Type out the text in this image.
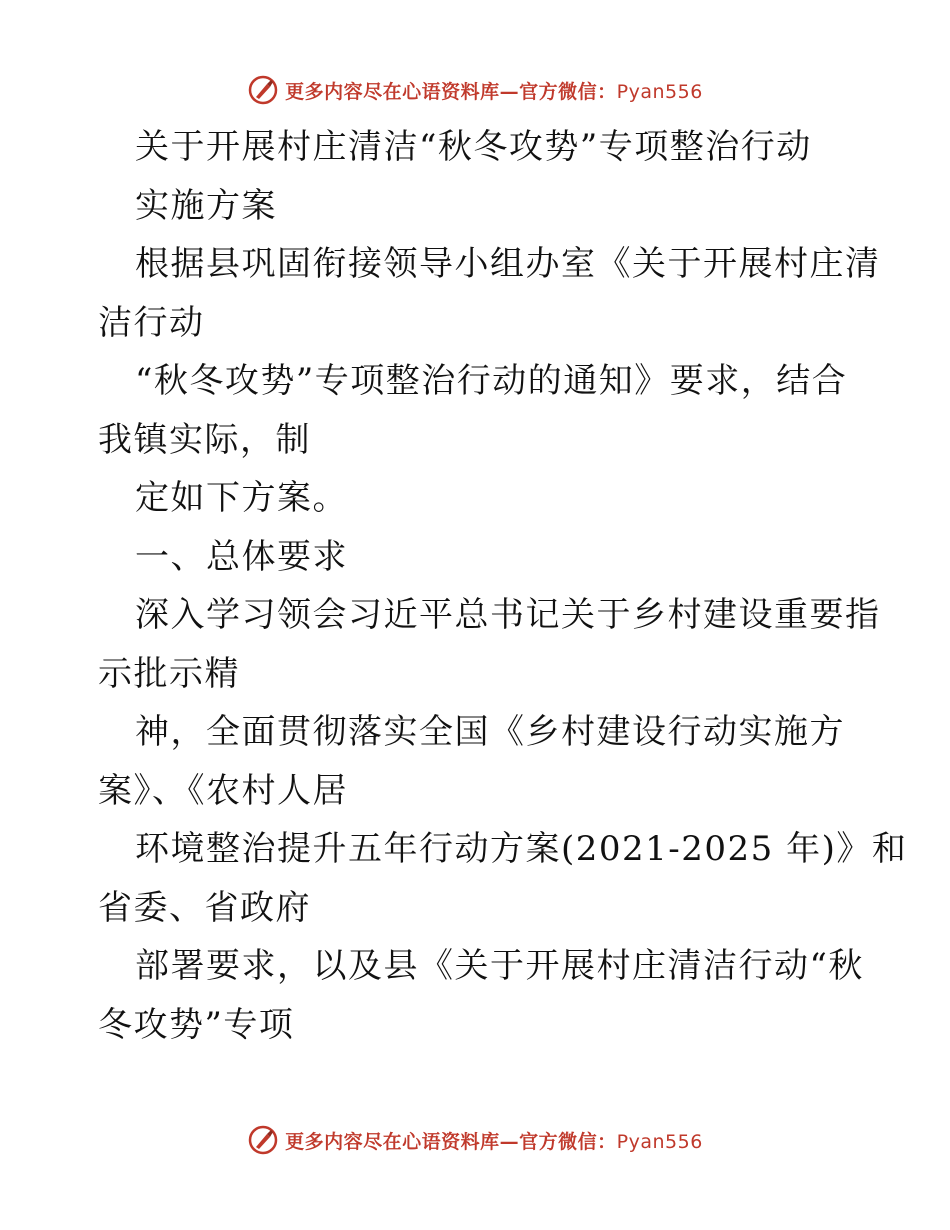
更多内容尽在心语资料库—官方微信：Pyan556
关于开展村庄清洁“秋冬攻势”专项整治行动
实施方案
根据县巩固衔接领导小组办室《关于开展村庄清
洁行动
“秋冬攻势”专项整治行动的通知》要求，结合
我镇实际，制
定如下方案。
一、总体要求
深入学习领会习近平总书记关于乡村建设重要指
示批示精
神，全面贯彻落实全国《乡村建设行动实施方
案》、《农村人居
环境整治提升五年行动方案(2021-2025 年)》和
省委、省政府
部署要求，以及县《关于开展村庄清洁行动“秋
冬攻势”专项
更多内容尽在心语资料库—官方微信：Pyan556
